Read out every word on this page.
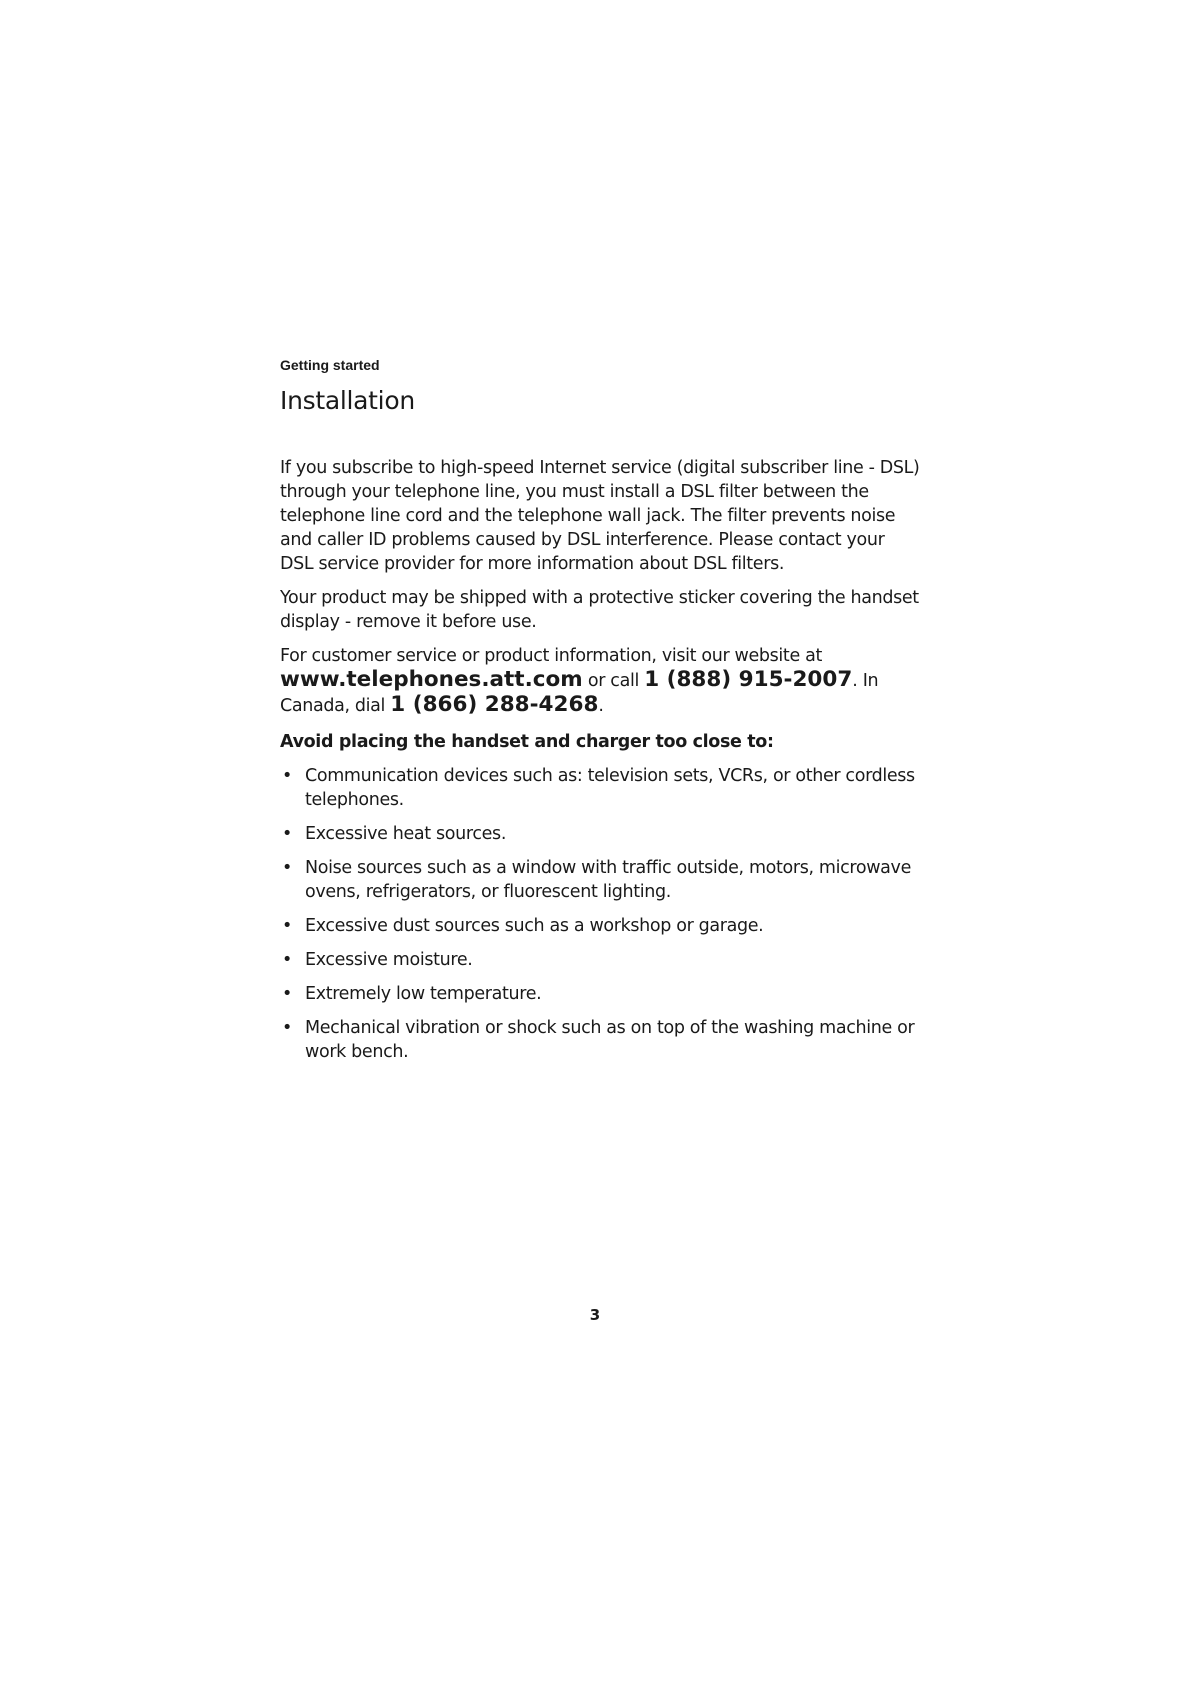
Getting started
Installation

If you subscribe to high-speed Internet service (digital subscriber line - DSL) through your telephone line, you must install a DSL filter between the telephone line cord and the telephone wall jack. The filter prevents noise and caller ID problems caused by DSL interference. Please contact your DSL service provider for more information about DSL filters.

Your product may be shipped with a protective sticker covering the handset display - remove it before use.

For customer service or product information, visit our website at www.telephones.att.com or call 1 (888) 915-2007. In Canada, dial 1 (866) 288-4268.

Avoid placing the handset and charger too close to:

• Communication devices such as: television sets, VCRs, or other cordless telephones.
• Excessive heat sources.
• Noise sources such as a window with traffic outside, motors, microwave ovens, refrigerators, or fluorescent lighting.
• Excessive dust sources such as a workshop or garage.
• Excessive moisture.
• Extremely low temperature.
• Mechanical vibration or shock such as on top of the washing machine or work bench.
3
